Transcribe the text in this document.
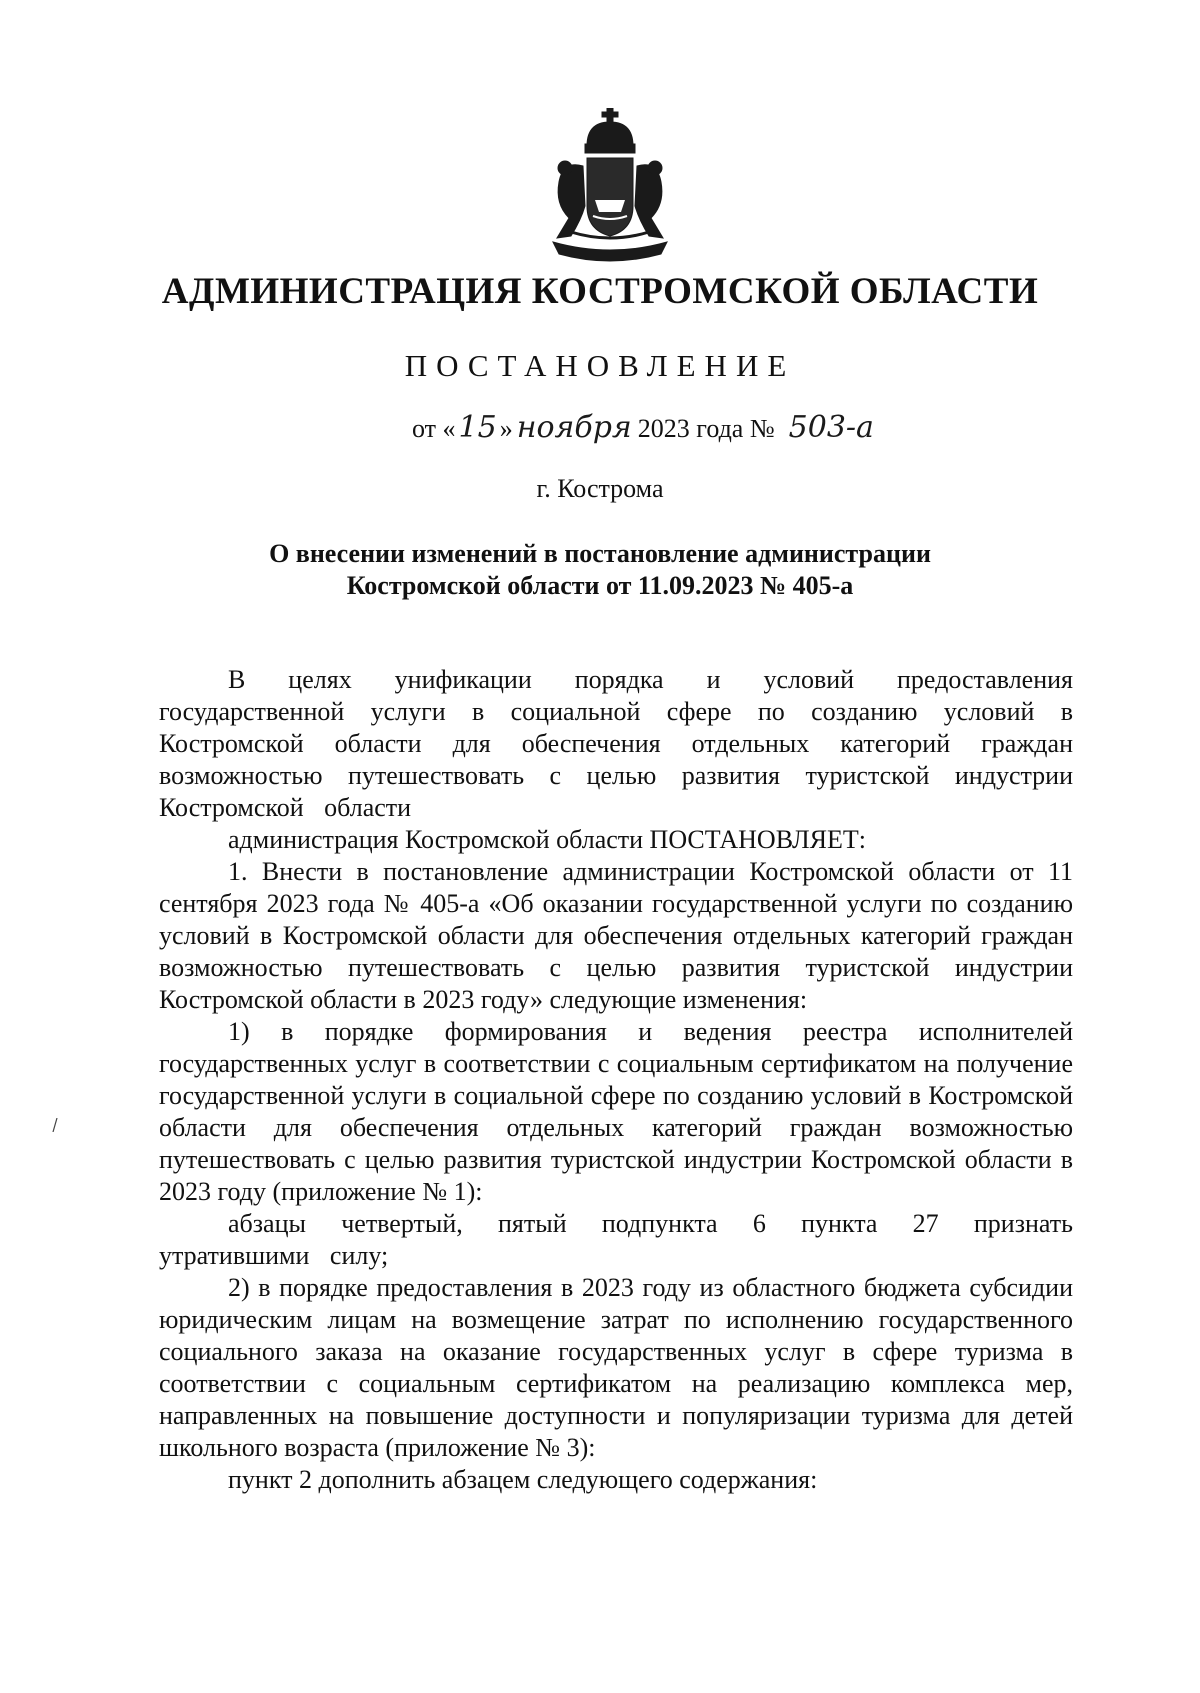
АДМИНИСТРАЦИЯ КОСТРОМСКОЙ ОБЛАСТИ
ПОСТАНОВЛЕНИЕ
от « 15 » ноября 2023 года № 503-а
г. Кострома
О внесении изменений в постановление администрации
Костромской области от 11.09.2023 № 405-а

В целях унификации порядка и условий предоставления государственной услуги в социальной сфере по созданию условий в Костромской области для обеспечения отдельных категорий граждан возможностью путешествовать с целью развития туристской индустрии Костромской области

администрация Костромской области ПОСТАНОВЛЯЕТ:

1. Внести в постановление администрации Костромской области от 11 сентября 2023 года № 405-а «Об оказании государственной услуги по созданию условий в Костромской области для обеспечения отдельных категорий граждан возможностью путешествовать с целью развития туристской индустрии Костромской области в 2023 году» следующие изменения:

1) в порядке формирования и ведения реестра исполнителей государственных услуг в соответствии с социальным сертификатом на получение государственной услуги в социальной сфере по созданию условий в Костромской области для обеспечения отдельных категорий граждан возможностью путешествовать с целью развития туристской индустрии Костромской области в 2023 году (приложение № 1):

абзацы четвертый, пятый подпункта 6 пункта 27 признать утратившими силу;

2) в порядке предоставления в 2023 году из областного бюджета субсидии юридическим лицам на возмещение затрат по исполнению государственного социального заказа на оказание государственных услуг в сфере туризма в соответствии с социальным сертификатом на реализацию комплекса мер, направленных на повышение доступности и популяризации туризма для детей школьного возраста (приложение № 3):

пункт 2 дополнить абзацем следующего содержания:
